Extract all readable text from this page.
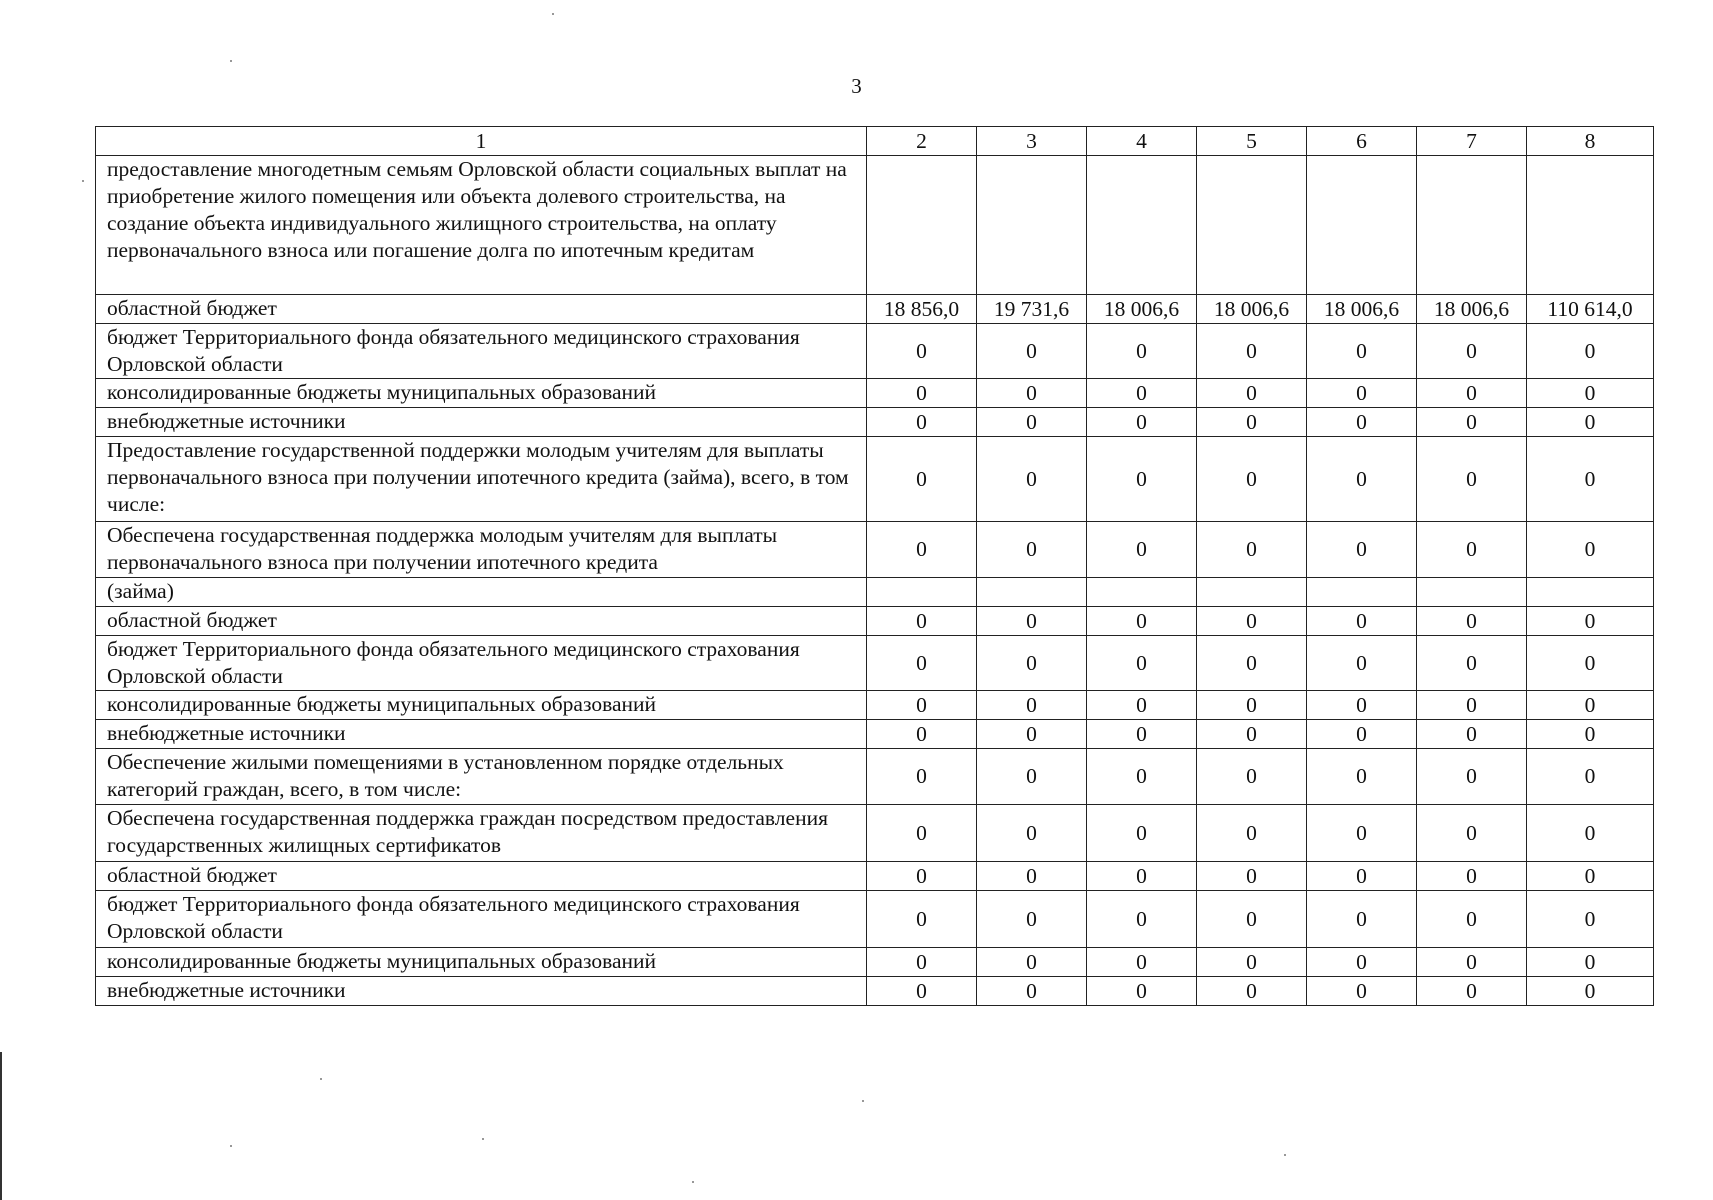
3
1	2	3	4	5	6	7	8
предоставление многодетным семьям Орловской области социальных выплат на приобретение жилого помещения или объекта долевого строительства, на создание объекта индивидуального жилищного строительства, на оплату первоначального взноса или погашение долга по ипотечным кредитам							
областной бюджет	18 856,0	19 731,6	18 006,6	18 006,6	18 006,6	18 006,6	110 614,0
бюджет Территориального фонда обязательного медицинского страхования Орловской области	0	0	0	0	0	0	0
консолидированные бюджеты муниципальных образований	0	0	0	0	0	0	0
внебюджетные источники	0	0	0	0	0	0	0
Предоставление государственной поддержки молодым учителям для выплаты первоначального взноса при получении ипотечного кредита (займа), всего, в том числе:	0	0	0	0	0	0	0
Обеспечена государственная поддержка молодым учителям для выплаты первоначального взноса при получении ипотечного кредита	0	0	0	0	0	0	0
(займа)							
областной бюджет	0	0	0	0	0	0	0
бюджет Территориального фонда обязательного медицинского страхования Орловской области	0	0	0	0	0	0	0
консолидированные бюджеты муниципальных образований	0	0	0	0	0	0	0
внебюджетные источники	0	0	0	0	0	0	0
Обеспечение жилыми помещениями в установленном порядке отдельных категорий граждан, всего, в том числе:	0	0	0	0	0	0	0
Обеспечена государственная поддержка граждан посредством предоставления государственных жилищных сертификатов	0	0	0	0	0	0	0
областной бюджет	0	0	0	0	0	0	0
бюджет Территориального фонда обязательного медицинского страхования Орловской области	0	0	0	0	0	0	0
консолидированные бюджеты муниципальных образований	0	0	0	0	0	0	0
внебюджетные источники	0	0	0	0	0	0	0
